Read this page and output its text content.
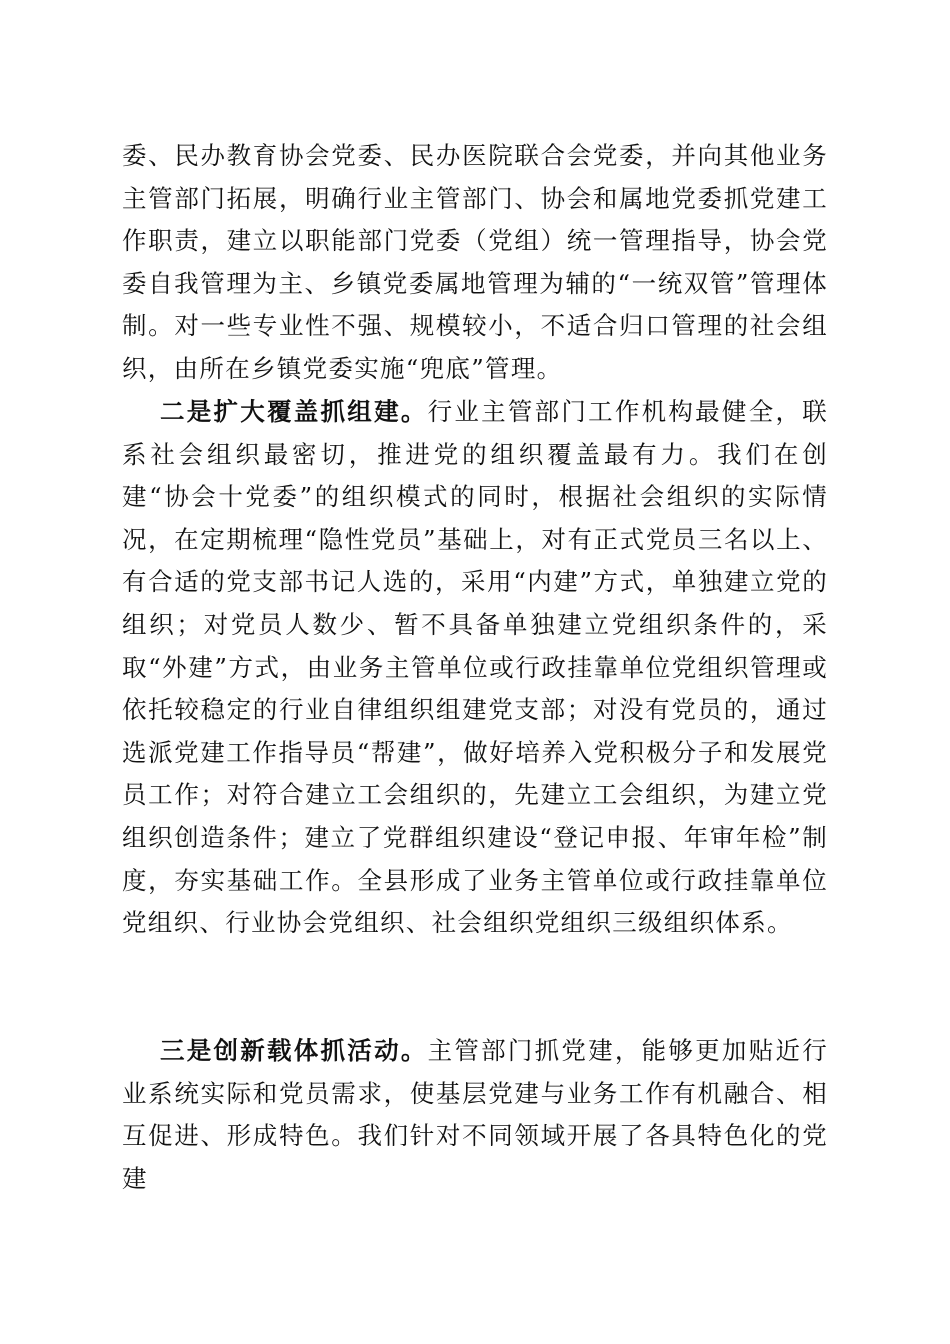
委、民办教育协会党委、民办医院联合会党委，并向其他业务主管部门拓展，明确行业主管部门、协会和属地党委抓党建工作职责，建立以职能部门党委（党组）统一管理指导，协会党委自我管理为主、乡镇党委属地管理为辅的“一统双管”管理体制。对一些专业性不强、规模较小，不适合归口管理的社会组织，由所在乡镇党委实施“兜底”管理。

二是扩大覆盖抓组建。行业主管部门工作机构最健全，联系社会组织最密切，推进党的组织覆盖最有力。我们在创建“协会十党委”的组织模式的同时，根据社会组织的实际情况，在定期梳理“隐性党员”基础上，对有正式党员三名以上、有合适的党支部书记人选的，采用“内建”方式，单独建立党的组织；对党员人数少、暂不具备单独建立党组织条件的，采取“外建”方式，由业务主管单位或行政挂靠单位党组织管理或依托较稳定的行业自律组织组建党支部；对没有党员的，通过选派党建工作指导员“帮建”，做好培养入党积极分子和发展党员工作；对符合建立工会组织的，先建立工会组织，为建立党组织创造条件；建立了党群组织建设“登记申报、年审年检”制度，夯实基础工作。全县形成了业务主管单位或行政挂靠单位党组织、行业协会党组织、社会组织党组织三级组织体系。

三是创新载体抓活动。主管部门抓党建，能够更加贴近行业系统实际和党员需求，使基层党建与业务工作有机融合、相互促进、形成特色。我们针对不同领域开展了各具特色化的党建
